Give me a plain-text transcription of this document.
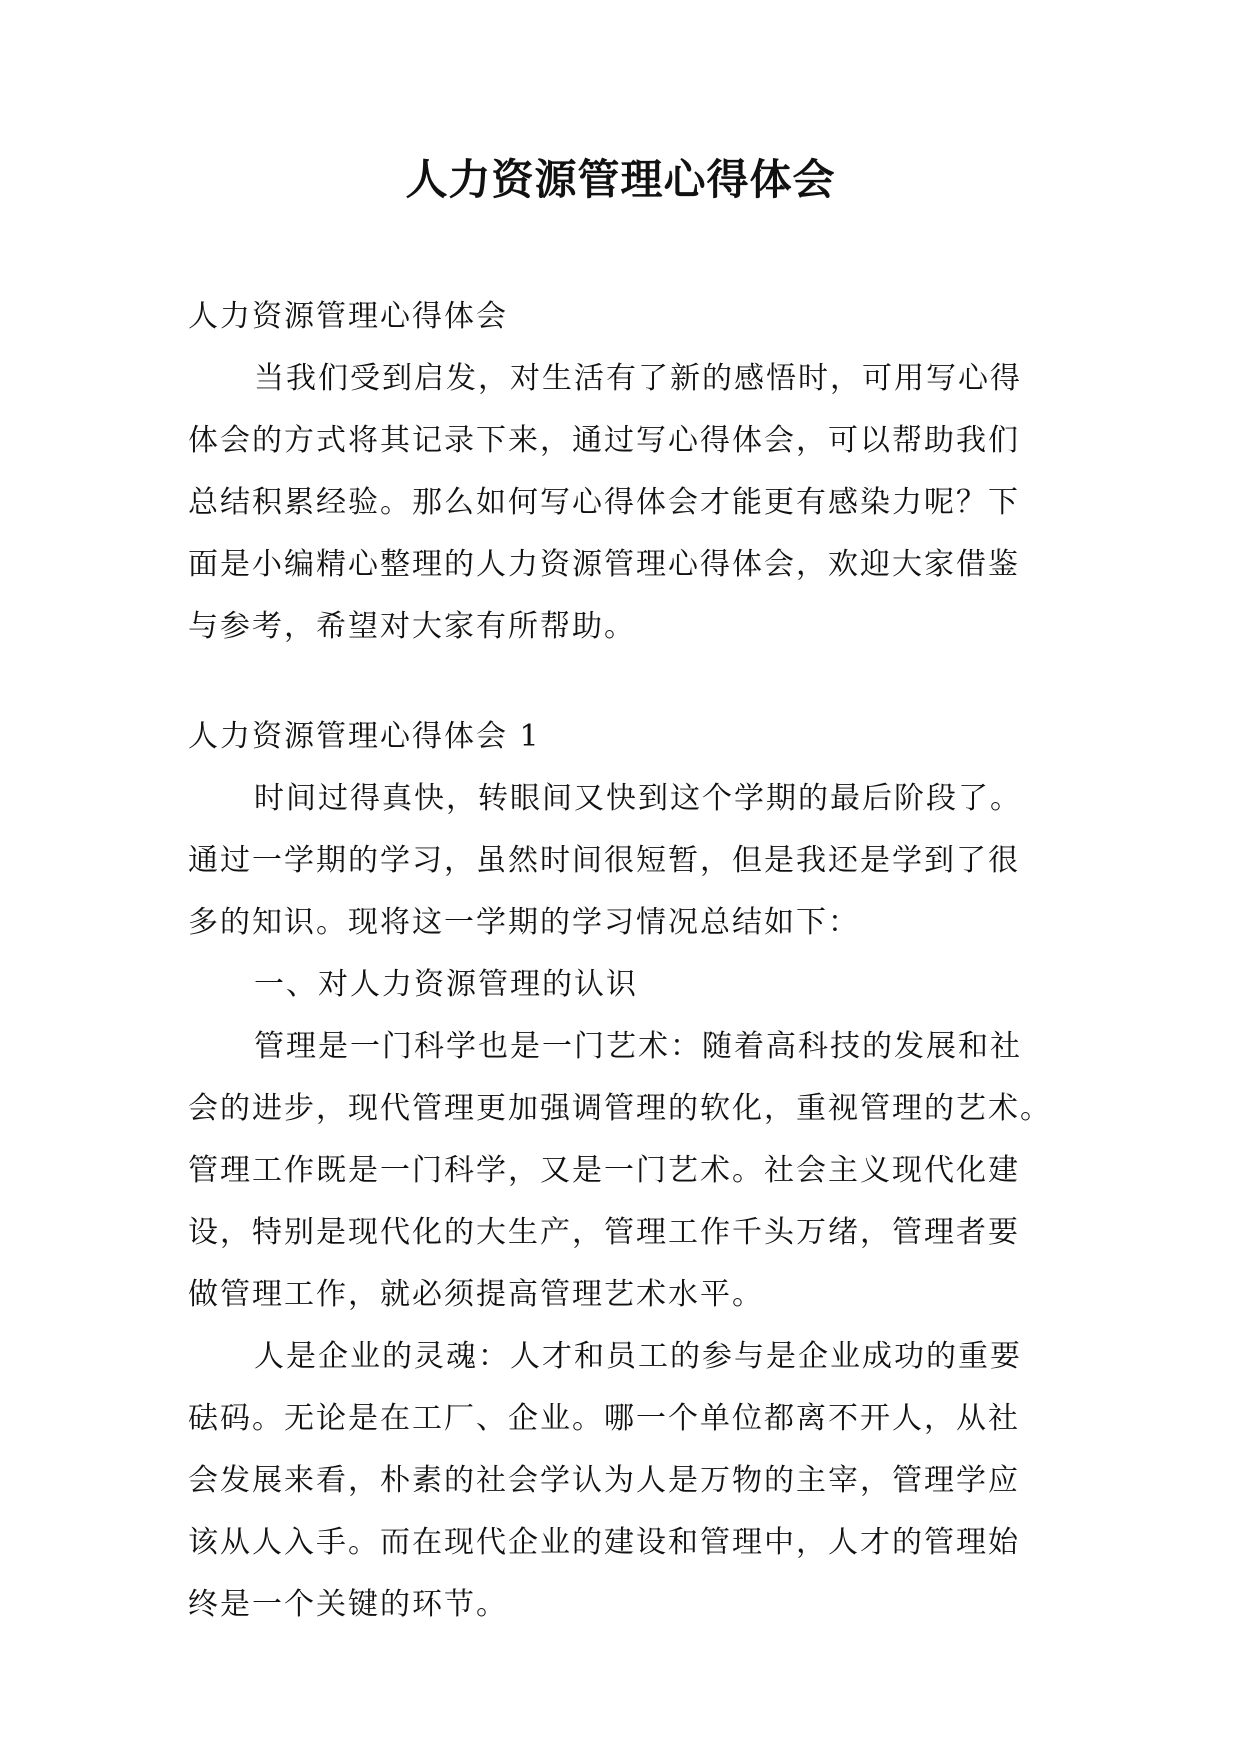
人力资源管理心得体会
人力资源管理心得体会
当我们受到启发，对生活有了新的感悟时，可用写心得
体会的方式将其记录下来，通过写心得体会，可以帮助我们
总结积累经验。那么如何写心得体会才能更有感染力呢？下
面是小编精心整理的人力资源管理心得体会，欢迎大家借鉴
与参考，希望对大家有所帮助。
人力资源管理心得体会 1
时间过得真快，转眼间又快到这个学期的最后阶段了。
通过一学期的学习，虽然时间很短暂，但是我还是学到了很
多的知识。现将这一学期的学习情况总结如下：
一、对人力资源管理的认识
管理是一门科学也是一门艺术：随着高科技的发展和社
会的进步，现代管理更加强调管理的软化，重视管理的艺术。
管理工作既是一门科学，又是一门艺术。社会主义现代化建
设，特别是现代化的大生产，管理工作千头万绪，管理者要
做管理工作，就必须提高管理艺术水平。
人是企业的灵魂：人才和员工的参与是企业成功的重要
砝码。无论是在工厂、企业。哪一个单位都离不开人，从社
会发展来看，朴素的社会学认为人是万物的主宰，管理学应
该从人入手。而在现代企业的建设和管理中，人才的管理始
终是一个关键的环节。
